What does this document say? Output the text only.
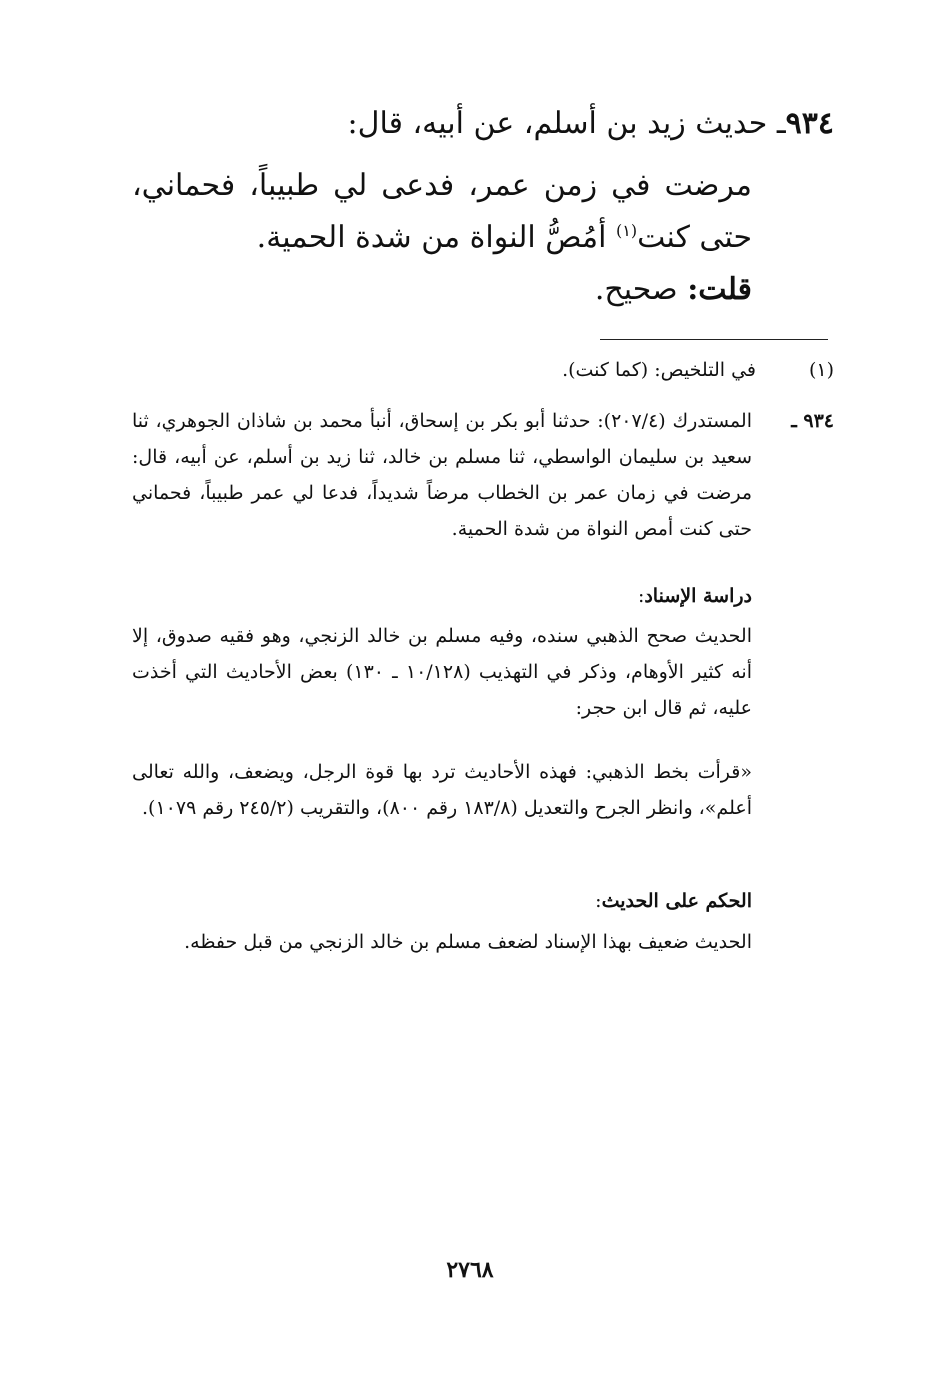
٩٣٤ـ حديث زيد بن أسلم، عن أبيه، قال:
مرضت في زمن عمر، فدعى لي طبيباً، فحماني، حتى كنت$^{(١)}$ أمُصُّ النواة من شدة الحمية.
قلت: صحيح.
(١)في التلخيص: (كما كنت).
٩٣٤ ـ
المستدرك (٢٠٧/٤): حدثنا أبو بكر بن إسحاق، أنبأ محمد بن شاذان الجوهري، ثنا سعيد بن سليمان الواسطي، ثنا مسلم بن خالد، ثنا زيد بن أسلم، عن أبيه، قال: مرضت في زمان عمر بن الخطاب مرضاً شديداً، فدعا لي عمر طبيباً، فحماني حتى كنت أمص النواة من شدة الحمية.
دراسة الإسناد:
الحديث صحح الذهبي سنده، وفيه مسلم بن خالد الزنجي، وهو فقيه صدوق، إلا أنه كثير الأوهام، وذكر في التهذيب (١٠/١٢٨ ـ ١٣٠) بعض الأحاديث التي أخذت عليه، ثم قال ابن حجر:
«قرأت بخط الذهبي: فهذه الأحاديث ترد بها قوة الرجل، ويضعف، والله تعالى أعلم»، وانظر الجرح والتعديل (١٨٣/٨ رقم ٨٠٠)، والتقريب (٢٤٥/٢ رقم ١٠٧٩).
الحكم على الحديث:
الحديث ضعيف بهذا الإسناد لضعف مسلم بن خالد الزنجي من قبل حفظه.
٢٧٦٨
